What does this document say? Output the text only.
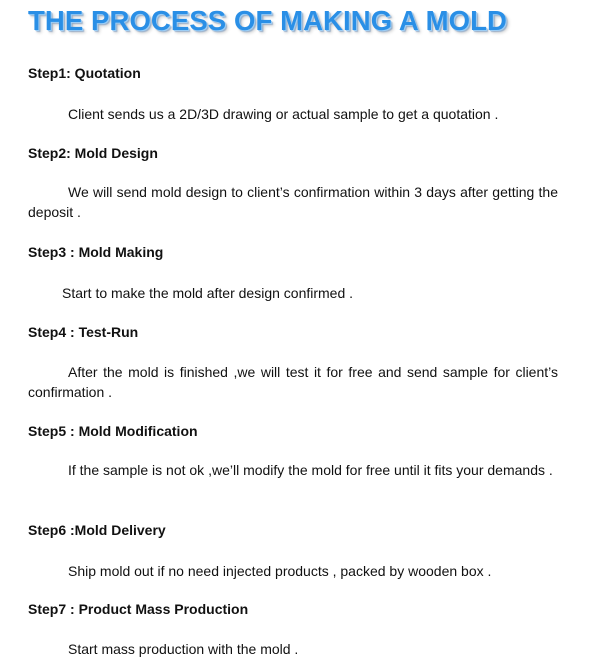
THE PROCESS OF MAKING A MOLD
Step1: Quotation

Client sends us a 2D/3D drawing or actual sample to get a quotation .

Step2: Mold Design

We will send mold design to client’s confirmation within 3 days after getting the deposit .

Step3 : Mold Making

Start to make the mold after design confirmed .

Step4 : Test-Run

After the mold is finished ,we will test it for free and send sample for client’s confirmation .

Step5 : Mold Modification

If the sample is not ok ,we’ll modify the mold for free until it fits your demands .

Step6 :Mold Delivery

Ship mold out if no need injected products , packed by wooden box .

Step7 : Product Mass Production

Start mass production with the mold .
